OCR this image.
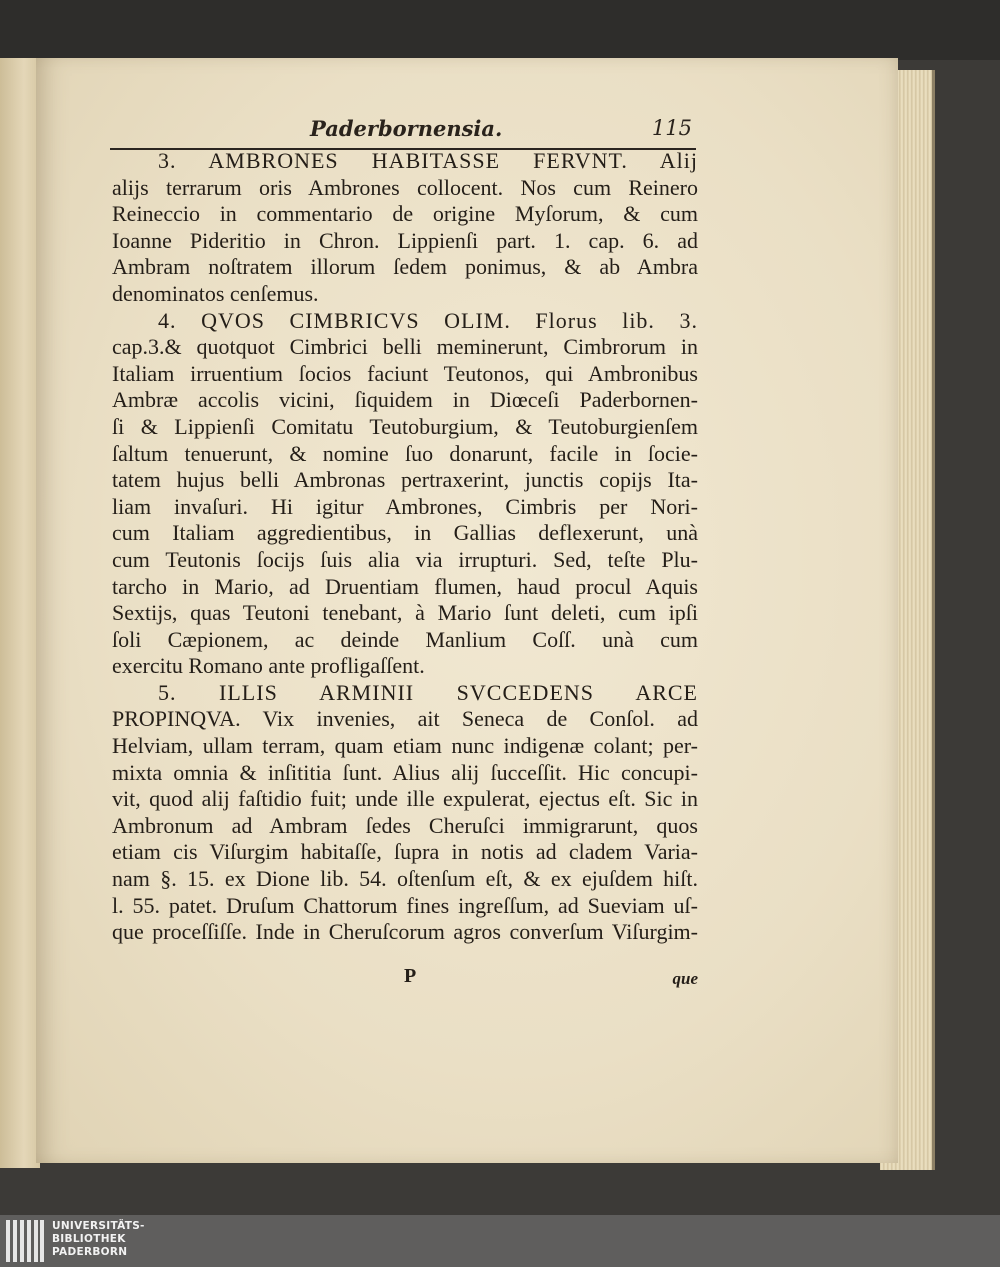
Paderbornensia.	115
3. AMBRONES HABITASSE FERVNT. Alij
alijs terrarum oris Ambrones collocent. Nos cum Reinero
Reineccio in commentario de origine Myſorum, & cum
Ioanne Pideritio in Chron. Lippienſi part. 1. cap. 6. ad
Ambram noſtratem illorum ſedem ponimus, & ab Ambra
denominatos cenſemus.
4. QVOS CIMBRICVS OLIM. Florus lib. 3.
cap.3.& quotquot Cimbrici belli meminerunt, Cimbrorum in
Italiam irruentium ſocios faciunt Teutonos, qui Ambronibus
Ambræ accolis vicini, ſiquidem in Diœceſi Paderbornen-
ſi & Lippienſi Comitatu Teutoburgium, & Teutoburgienſem
ſaltum tenuerunt, & nomine ſuo donarunt, facile in ſocie-
tatem hujus belli Ambronas pertraxerint, junctis copijs Ita-
liam invaſuri. Hi igitur Ambrones, Cimbris per Nori-
cum Italiam aggredientibus, in Gallias deflexerunt, unà
cum Teutonis ſocijs ſuis alia via irrupturi. Sed, teſte Plu-
tarcho in Mario, ad Druentiam flumen, haud procul Aquis
Sextijs, quas Teutoni tenebant, à Mario ſunt deleti, cum ipſi
ſoli Cæpionem, ac deinde Manlium Coſſ. unà cum
exercitu Romano ante profligaſſent.
5. ILLIS ARMINII SVCCEDENS ARCE
PROPINQVA. Vix invenies, ait Seneca de Conſol. ad
Helviam, ullam terram, quam etiam nunc indigenæ colant; per-
mixta omnia & inſititia ſunt. Alius alij ſucceſſit. Hic concupi-
vit, quod alij faſtidio fuit; unde ille expulerat, ejectus eſt. Sic in
Ambronum ad Ambram ſedes Cheruſci immigrarunt, quos
etiam cis Viſurgim habitaſſe, ſupra in notis ad cladem Varia-
nam §. 15. ex Dione lib. 54. oſtenſum eſt, & ex ejuſdem hiſt.
l. 55. patet. Druſum Chattorum fines ingreſſum, ad Sueviam uſ-
que proceſſiſſe. Inde in Cheruſcorum agros converſum Viſurgim-
P	que
UNIVERSITÄTS-
BIBLIOTHEK
PADERBORN
